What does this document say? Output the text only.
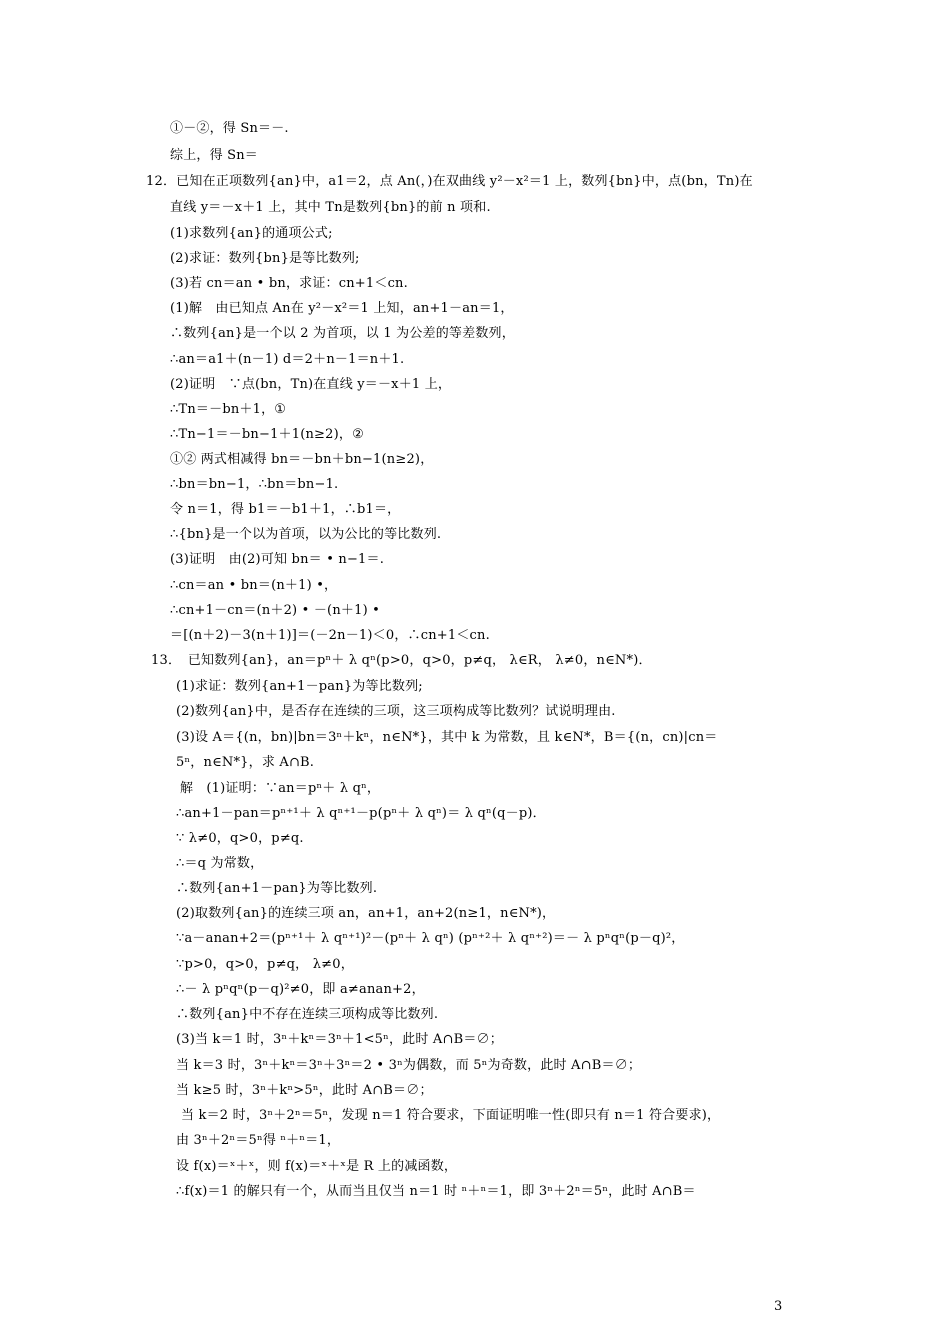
①－②，得 Sn＝－.
综上，得 Sn＝
12．已知在正项数列{an}中，a1＝2，点 An(，)在双曲线 y²－x²＝1 上，数列{bn}中，点(bn，Tn)在
直线 y＝－x＋1 上，其中 Tn是数列{bn}的前 n 项和.
(1)求数列{an}的通项公式;
(2)求证：数列{bn}是等比数列;
(3)若 cn＝an • bn，求证：cn+1＜cn.
(1)解　由已知点 An在 y²－x²＝1 上知，an+1－an＝1，
∴数列{an}是一个以 2 为首项，以 1 为公差的等差数列，
∴an＝a1＋(n－1) d＝2＋n－1＝n＋1.
(2)证明　∵点(bn，Tn)在直线 y＝－x＋1 上，
∴Tn＝－bn＋1，①
∴Tn−1＝－bn−1＋1(n≥2)，②
①② 两式相减得 bn＝－bn＋bn−1(n≥2)，
∴bn＝bn−1，∴bn＝bn−1.
令 n＝1，得 b1＝－b1＋1，∴b1＝，
∴{bn}是一个以为首项，以为公比的等比数列.
(3)证明　由(2)可知 bn＝ • n−1＝.
∴cn＝an • bn＝(n＋1) •，
∴cn+1－cn＝(n＋2) • －(n＋1) •
＝[(n＋2)－3(n＋1)]＝(－2n－1)＜0，∴cn+1＜cn.
13．　已知数列{an}，an＝pⁿ＋ λ qⁿ(p>0，q>0，p≠q， λ∈R， λ≠0，n∈N*)．
(1)求证：数列{an+1－pan}为等比数列;
(2)数列{an}中，是否存在连续的三项，这三项构成等比数列？试说明理由.
(3)设 A＝{(n，bn)|bn＝3ⁿ＋kⁿ，n∈N*}，其中 k 为常数，且 k∈N*，B＝{(n，cn)|cn＝
5ⁿ，n∈N*}，求 A∩B.
解　(1)证明：∵an＝pⁿ＋ λ qⁿ，
∴an+1－pan＝pⁿ⁺¹＋ λ qⁿ⁺¹－p(pⁿ＋ λ qⁿ)＝ λ qⁿ(q－p)．
∵ λ≠0，q>0，p≠q.
∴＝q 为常数，
∴数列{an+1－pan}为等比数列.
(2)取数列{an}的连续三项 an，an+1，an+2(n≥1，n∈N*)，
∵a－anan+2＝(pⁿ⁺¹＋ λ qⁿ⁺¹)²－(pⁿ＋ λ qⁿ) (pⁿ⁺²＋ λ qⁿ⁺²)＝－ λ pⁿqⁿ(p－q)²，
∵p>0，q>0，p≠q， λ≠0，
∴－ λ pⁿqⁿ(p－q)²≠0，即 a≠anan+2，
∴数列{an}中不存在连续三项构成等比数列.
(3)当 k＝1 时，3ⁿ＋kⁿ＝3ⁿ＋1<5ⁿ，此时 A∩B＝∅；
当 k＝3 时，3ⁿ＋kⁿ＝3ⁿ＋3ⁿ＝2 • 3ⁿ为偶数，而 5ⁿ为奇数，此时 A∩B＝∅；
当 k≥5 时，3ⁿ＋kⁿ>5ⁿ，此时 A∩B＝∅；
当 k＝2 时，3ⁿ＋2ⁿ＝5ⁿ，发现 n＝1 符合要求，下面证明唯一性(即只有 n＝1 符合要求)，
由 3ⁿ＋2ⁿ＝5ⁿ得 ⁿ＋ⁿ＝1，
设 f(x)＝ˣ＋ˣ，则 f(x)＝ˣ＋ˣ是 R 上的减函数，
∴f(x)＝1 的解只有一个，从而当且仅当 n＝1 时 ⁿ＋ⁿ＝1，即 3ⁿ＋2ⁿ＝5ⁿ，此时 A∩B＝
3
